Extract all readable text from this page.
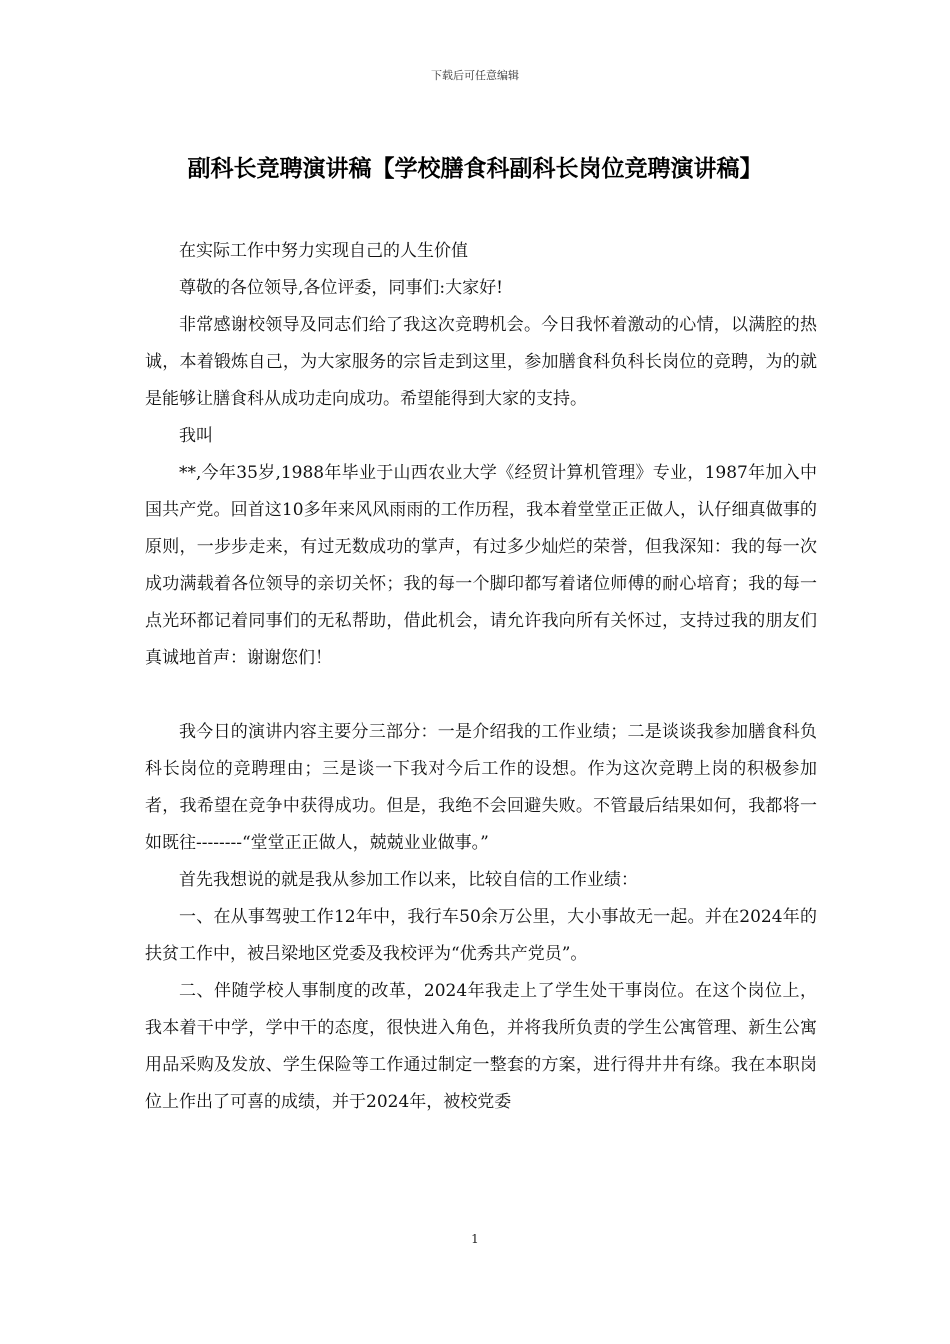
下载后可任意编辑
副科长竞聘演讲稿【学校膳食科副科长岗位竞聘演讲稿】

在实际工作中努力实现自己的人生价值

尊敬的各位领导,各位评委，同事们:大家好!

非常感谢校领导及同志们给了我这次竞聘机会。今日我怀着激动的心情，以满腔的热诚，本着锻炼自己，为大家服务的宗旨走到这里，参加膳食科负科长岗位的竞聘，为的就是能够让膳食科从成功走向成功。希望能得到大家的支持。

我叫

**,今年35岁,1988年毕业于山西农业大学《经贸计算机管理》专业，1987年加入中国共产党。回首这10多年来风风雨雨的工作历程，我本着堂堂正正做人，认仔细真做事的原则，一步步走来，有过无数成功的掌声，有过多少灿烂的荣誉，但我深知：我的每一次成功满载着各位领导的亲切关怀；我的每一个脚印都写着诸位师傅的耐心培育；我的每一点光环都记着同事们的无私帮助，借此机会，请允许我向所有关怀过，支持过我的朋友们真诚地首声：谢谢您们！

我今日的演讲内容主要分三部分：一是介绍我的工作业绩；二是谈谈我参加膳食科负科长岗位的竞聘理由；三是谈一下我对今后工作的设想。作为这次竞聘上岗的积极参加者，我希望在竞争中获得成功。但是，我绝不会回避失败。不管最后结果如何，我都将一如既往--------“堂堂正正做人，兢兢业业做事。”

首先我想说的就是我从参加工作以来，比较自信的工作业绩：

一、在从事驾驶工作12年中，我行车50余万公里，大小事故无一起。并在2024年的扶贫工作中，被吕梁地区党委及我校评为“优秀共产党员”。

二、伴随学校人事制度的改革，2024年我走上了学生处干事岗位。在这个岗位上，我本着干中学，学中干的态度，很快进入角色，并将我所负责的学生公寓管理、新生公寓用品采购及发放、学生保险等工作通过制定一整套的方案，进行得井井有绦。我在本职岗位上作出了可喜的成绩，并于2024年，被校党委

1
